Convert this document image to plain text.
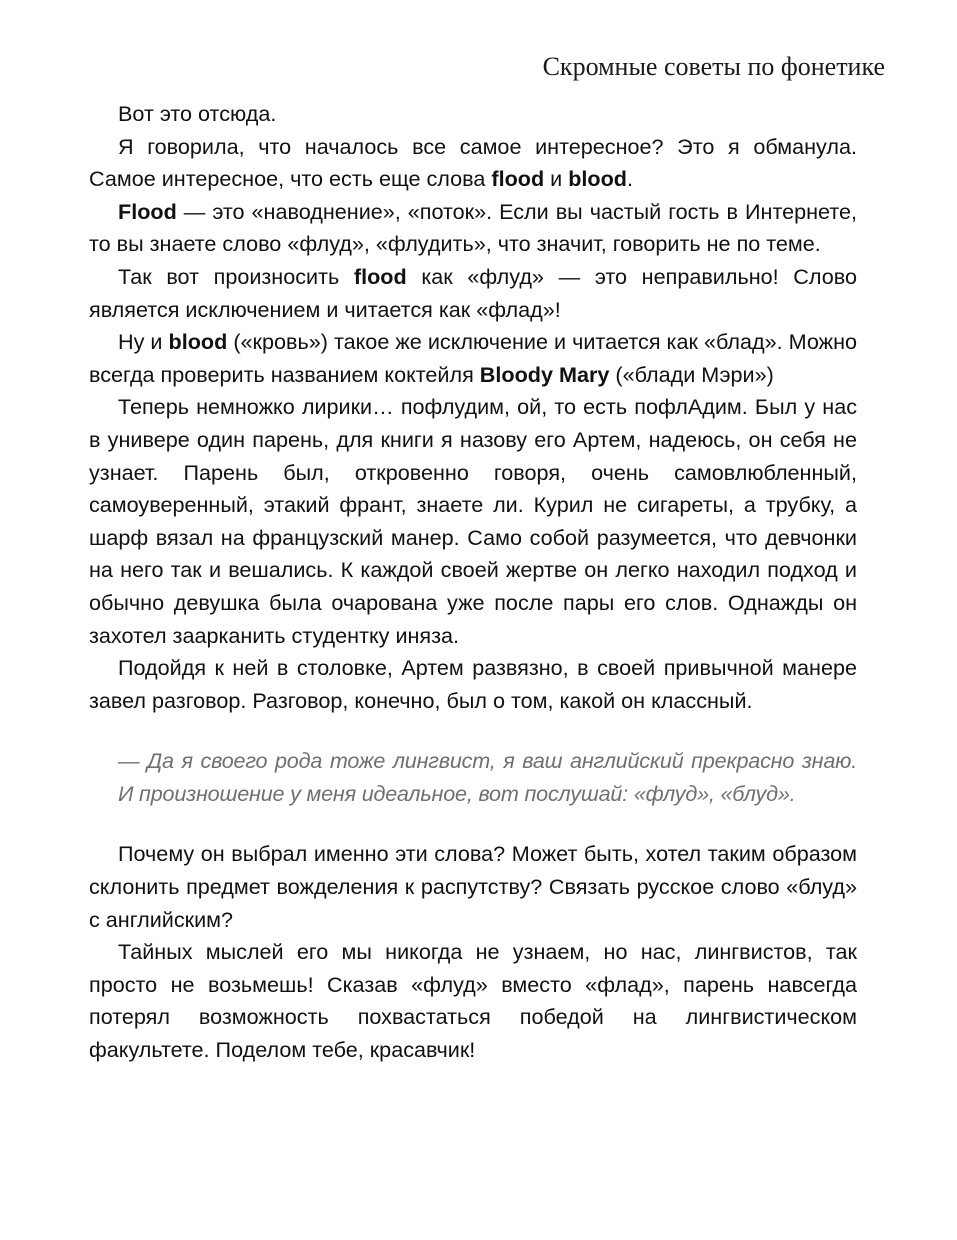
Скромные советы по фонетике

Вот это отсюда.

Я говорила, что началось все самое интересное? Это я обманула. Самое интересное, что есть еще слова flood и blood.

Flood — это «наводнение», «поток». Если вы частый гость в Интернете, то вы знаете слово «флуд», «флудить», что значит, говорить не по теме.

Так вот произносить flood как «флуд» — это неправильно! Слово является исключением и читается как «флад»!

Ну и blood («кровь») такое же исключение и читается как «блад». Можно всегда проверить названием коктейля Bloody Mary («блади Мэри»)

Теперь немножко лирики… пофлудим, ой, то есть пофлАдим. Был у нас в универе один парень, для книги я назову его Артем, надеюсь, он себя не узнает. Парень был, откровенно говоря, очень самовлюбленный, самоуверенный, этакий франт, знаете ли. Курил не сигареты, а трубку, а шарф вязал на французский манер. Само собой разумеется, что девчонки на него так и вешались. К каждой своей жертве он легко находил подход и обычно девушка была очарована уже после пары его слов. Однажды он захотел заарканить студентку иняза.

Подойдя к ней в столовке, Артем развязно, в своей привычной манере завел разговор. Разговор, конечно, был о том, какой он классный.

— Да я своего рода тоже лингвист, я ваш английский прекрасно знаю. И произношение у меня идеальное, вот послушай: «флуд», «блуд».

Почему он выбрал именно эти слова? Может быть, хотел таким образом склонить предмет вожделения к распутству? Связать русское слово «блуд» с английским?

Тайных мыслей его мы никогда не узнаем, но нас, лингвистов, так просто не возьмешь! Сказав «флуд» вместо «флад», парень навсегда потерял возможность похвастаться победой на лингвистическом факультете. Поделом тебе, красавчик!
